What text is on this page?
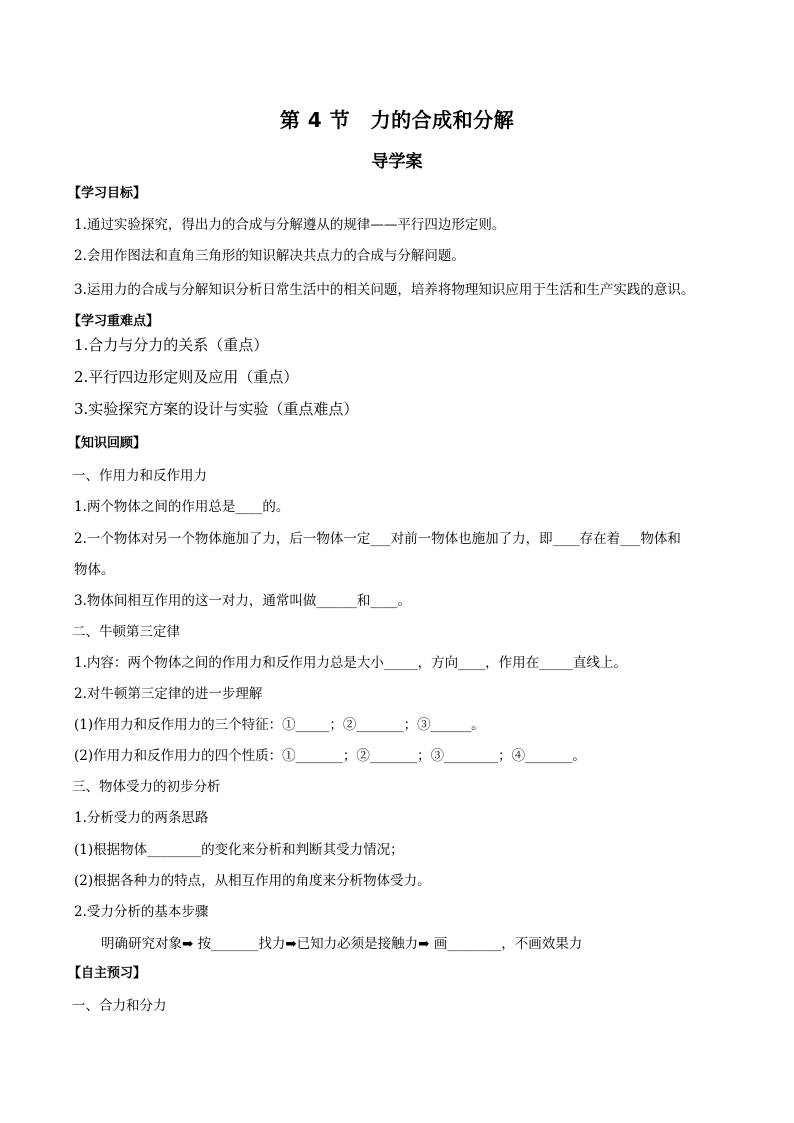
第 4 节　力的合成和分解
导学案
【学习目标】
1.通过实验探究，得出力的合成与分解遵从的规律——平行四边形定则。
2.会用作图法和直角三角形的知识解决共点力的合成与分解问题。
3.运用力的合成与分解知识分析日常生活中的相关问题，培养将物理知识应用于生活和生产实践的意识。
【学习重难点】
1.合力与分力的关系（重点）
2.平行四边形定则及应用（重点）
3.实验探究方案的设计与实验（重点难点）
【知识回顾】
一、作用力和反作用力
1.两个物体之间的作用总是____的。
2.一个物体对另一个物体施加了力，后一物体一定___对前一物体也施加了力，即____存在着___物体和
物体。
3.物体间相互作用的这一对力，通常叫做______和____。
二、牛顿第三定律
1.内容：两个物体之间的作用力和反作用力总是大小_____，方向____，作用在_____直线上。
2.对牛顿第三定律的进一步理解
(1)作用力和反作用力的三个特征：①_____；②_______；③______。
(2)作用力和反作用力的四个性质：①_______；②_______；③________；④_______。
三、物体受力的初步分析
1.分析受力的两条思路
(1)根据物体________的变化来分析和判断其受力情况；
(2)根据各种力的特点，从相互作用的角度来分析物体受力。
2.受力分析的基本步骤
明确研究对象➡ 按_______找力➡已知力必须是接触力➡ 画________，不画效果力
【自主预习】
一、合力和分力
